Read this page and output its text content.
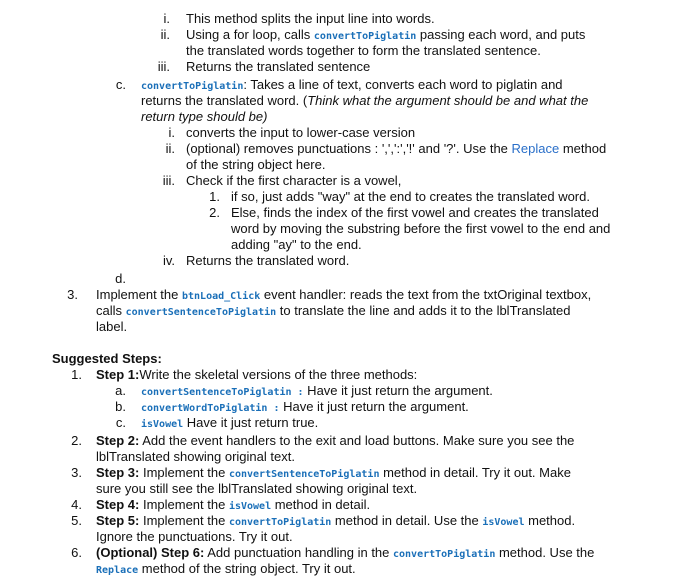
i. This method splits the input line into words.
ii. Using a for loop, calls convertToPiglatin passing each word, and puts
the translated words together to form the translated sentence.
iii. Returns the translated sentence
c. convertToPiglatin: Takes a line of text, converts each word to piglatin and
returns the translated word. (Think what the argument should be and what the
return type should be)
i. converts the input to lower-case version
ii. (optional) removes punctuations : ',',':','!' and '?'. Use the Replace method
of the string object here.
iii. Check if the first character is a vowel,
1. if so, just adds "way" at the end to creates the translated word.
2. Else, finds the index of the first vowel and creates the translated
word by moving the substring before the first vowel to the end and
adding "ay" to the end.
iv. Returns the translated word.
d.
3. Implement the btnLoad_Click event handler: reads the text from the txtOriginal textbox,
calls convertSentenceToPiglatin to translate the line and adds it to the lblTranslated
label.
Suggested Steps:
1. Step 1:Write the skeletal versions of the three methods:
a. convertSentenceToPiglatin : Have it just return the argument.
b. convertWordToPiglatin : Have it just return the argument.
c. isVowel Have it just return true.
2. Step 2: Add the event handlers to the exit and load buttons. Make sure you see the
lblTranslated showing original text.
3. Step 3: Implement the convertSentenceToPiglatin method in detail. Try it out. Make
sure you still see the lblTranslated showing original text.
4. Step 4: Implement the isVowel method in detail.
5. Step 5: Implement the convertToPiglatin method in detail. Use the isVowel method.
Ignore the punctuations. Try it out.
6. (Optional) Step 6: Add punctuation handling in the convertToPiglatin method. Use the
Replace method of the string object. Try it out.
